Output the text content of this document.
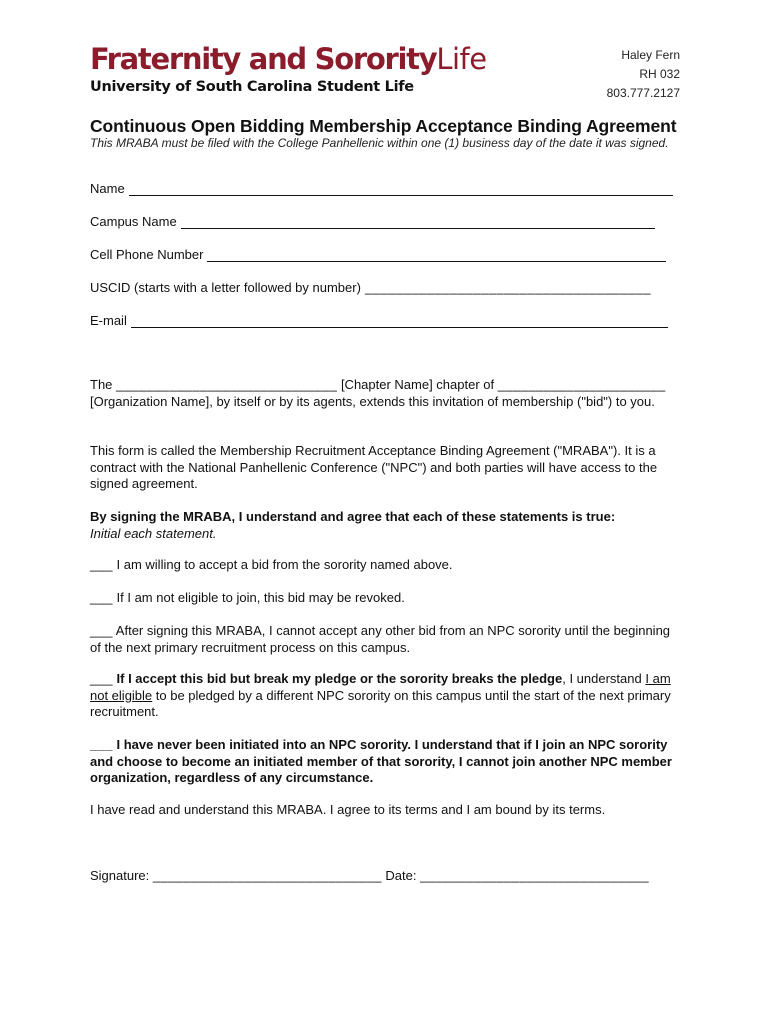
Fraternity and SororityLife
University of South Carolina Student Life
Haley Fern
RH 032
803.777.2127
Continuous Open Bidding Membership Acceptance Binding Agreement
This MRABA must be filed with the College Panhellenic within one (1) business day of the date it was signed.
Name
Campus Name
Cell Phone Number
USCID (starts with a letter followed by number) _____________________________________
E-mail
The _____________________________ [Chapter Name] chapter of ______________________ [Organization Name], by itself or by its agents, extends this invitation of membership ("bid") to you.
This form is called the Membership Recruitment Acceptance Binding Agreement ("MRABA"). It is a contract with the National Panhellenic Conference ("NPC") and both parties will have access to the signed agreement.
By signing the MRABA, I understand and agree that each of these statements is true:
Initial each statement.
___ I am willing to accept a bid from the sorority named above.
___ If I am not eligible to join, this bid may be revoked.
___ After signing this MRABA, I cannot accept any other bid from an NPC sorority until the beginning of the next primary recruitment process on this campus.
___ If I accept this bid but break my pledge or the sorority breaks the pledge, I understand I am not eligible to be pledged by a different NPC sorority on this campus until the start of the next primary recruitment.
___ I have never been initiated into an NPC sorority. I understand that if I join an NPC sorority and choose to become an initiated member of that sorority, I cannot join another NPC member organization, regardless of any circumstance.
I have read and understand this MRABA. I agree to its terms and I am bound by its terms.
Signature: ______________________________ Date: ______________________________
